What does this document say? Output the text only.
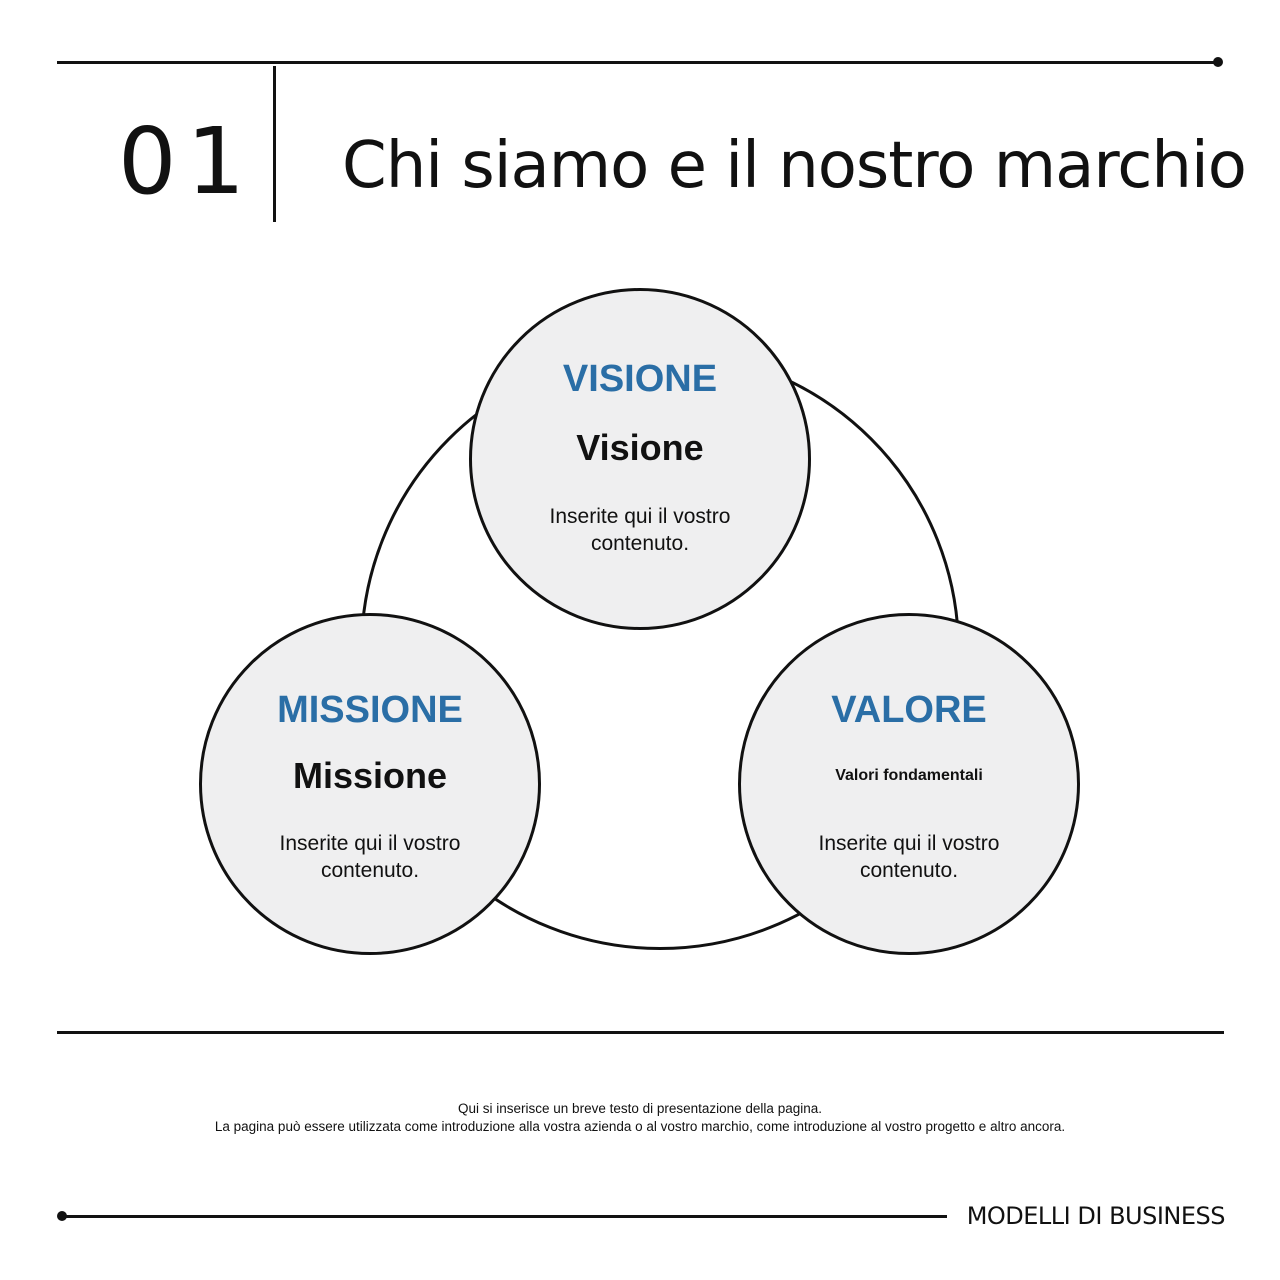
01 Chi siamo e il nostro marchio
VISIONE
Visione
Inserite qui il vostro contenuto.
MISSIONE
Missione
Inserite qui il vostro contenuto.
VALORE
Valori fondamentali
Inserite qui il vostro contenuto.
Qui si inserisce un breve testo di presentazione della pagina.
La pagina può essere utilizzata come introduzione alla vostra azienda o al vostro marchio, come introduzione al vostro progetto e altro ancora.
MODELLI DI BUSINESS
